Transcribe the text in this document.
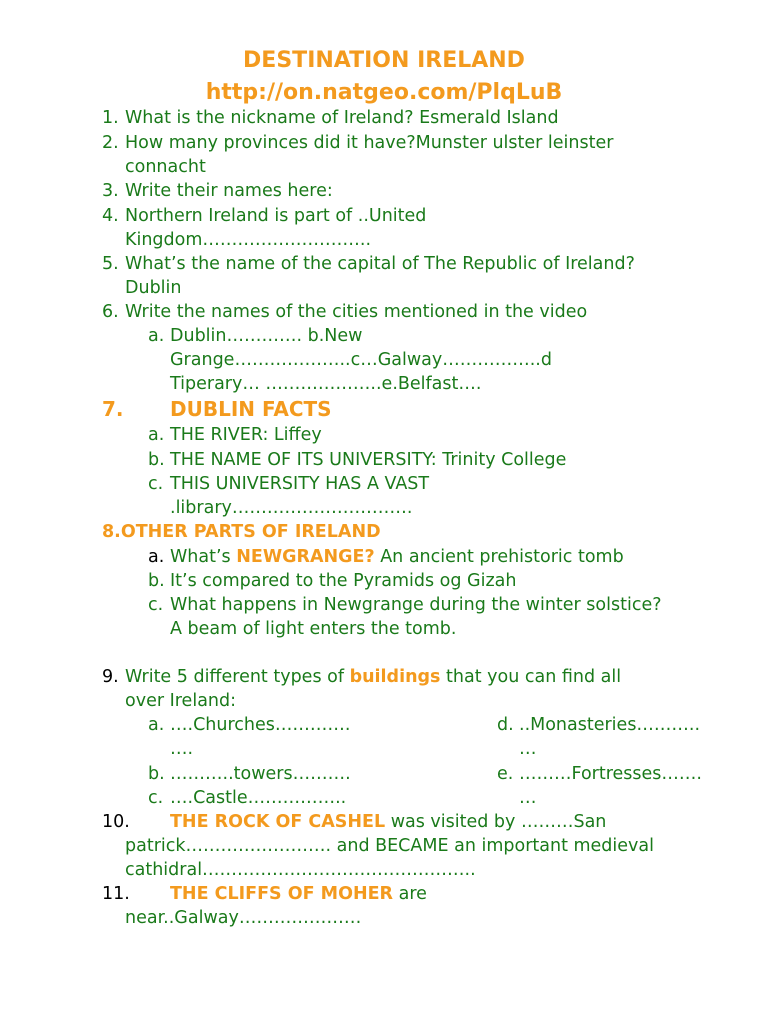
DESTINATION IRELAND
http://on.natgeo.com/PlqLuB
1. What is the nickname of Ireland? Esmerald Island
2. How many provinces did it have?Munster ulster leinster
connacht
3. Write their names here:
4. Northern Ireland is part of ..United
Kingdom………………………..
5. What’s the name of the capital of The Republic of Ireland?
Dublin
6. Write the names of the cities mentioned in the video
a. Dublin…………. b.New
Grange………………..c…Galway……………..d
Tiperary… ………………..e.Belfast….
7. DUBLIN FACTS
a. THE RIVER: Liffey
b. THE NAME OF ITS UNIVERSITY: Trinity College
c. THIS UNIVERSITY HAS A VAST
.library………………………….
8.OTHER PARTS OF IRELAND
a. What’s NEWGRANGE? An ancient prehistoric tomb
b. It’s compared to the Pyramids og Gizah
c. What happens in Newgrange during the winter solstice?
A beam of light enters the tomb.
9. Write 5 different types of buildings that you can find all
over Ireland:
a. ….Churches………….
….
b. ………..towers……….
c. ….Castle……………..
d. ..Monasteries………..
…
e. ………Fortresses…….
…
10. THE ROCK OF CASHEL was visited by ………San
patrick……………………. and BECAME an important medieval
cathidral………………………………………..
11. THE CLIFFS OF MOHER are
near..Galway…………………
